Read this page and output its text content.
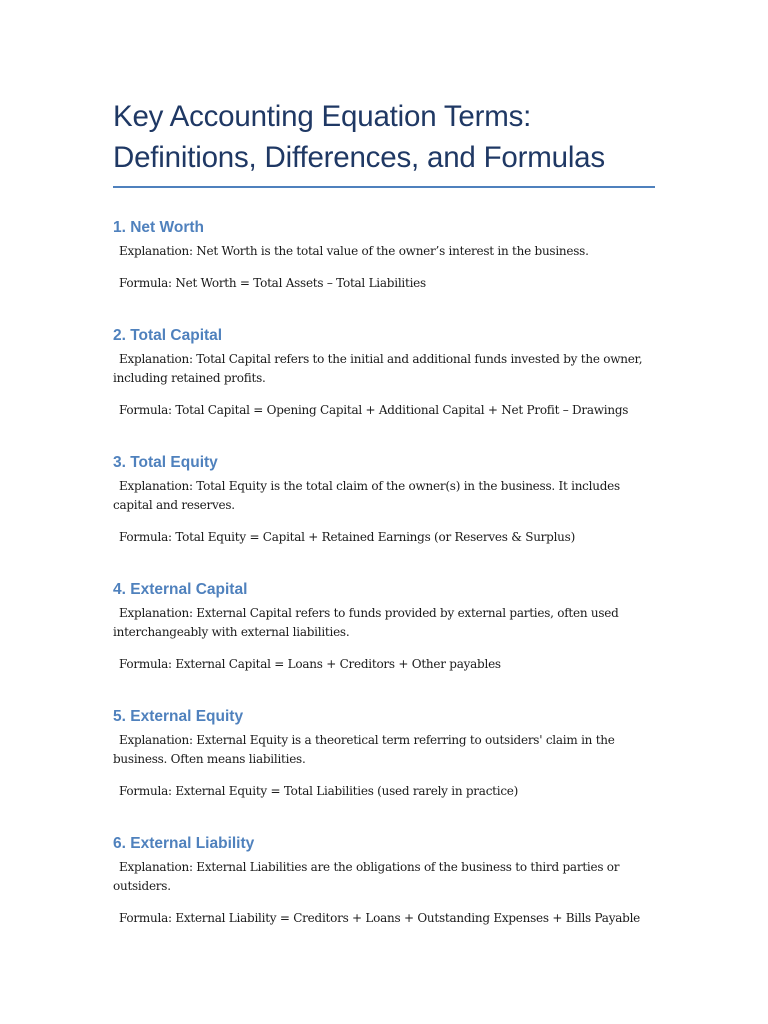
Key Accounting Equation Terms: Definitions, Differences, and Formulas
1. Net Worth

Explanation: Net Worth is the total value of the owner’s interest in the business.

Formula: Net Worth = Total Assets – Total Liabilities

2. Total Capital

Explanation: Total Capital refers to the initial and additional funds invested by the owner, including retained profits.

Formula: Total Capital = Opening Capital + Additional Capital + Net Profit – Drawings

3. Total Equity

Explanation: Total Equity is the total claim of the owner(s) in the business. It includes capital and reserves.

Formula: Total Equity = Capital + Retained Earnings (or Reserves & Surplus)

4. External Capital

Explanation: External Capital refers to funds provided by external parties, often used interchangeably with external liabilities.

Formula: External Capital = Loans + Creditors + Other payables

5. External Equity

Explanation: External Equity is a theoretical term referring to outsiders' claim in the business. Often means liabilities.

Formula: External Equity = Total Liabilities (used rarely in practice)

6. External Liability

Explanation: External Liabilities are the obligations of the business to third parties or outsiders.

Formula: External Liability = Creditors + Loans + Outstanding Expenses + Bills Payable
